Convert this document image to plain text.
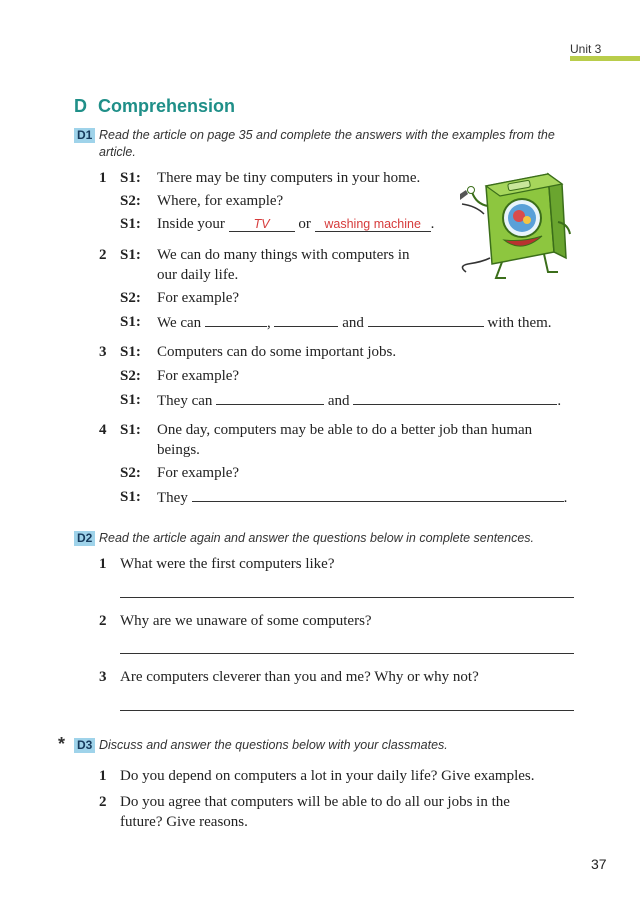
Unit 3
D Comprehension
D1 Read the article on page 35 and complete the answers with the examples from the
article.
1 S1: There may be tiny computers in your home.
S2: Where, for example?
S1: Inside your TV or washing machine .
2 S1: We can do many things with computers in
our daily life.
S2: For example?
S1: We can	,	and	with them.
3 S1: Computers can do some important jobs.
S2: For example?
S1: They can	and	.
4 S1: One day, computers may be able to do a better job than human
beings.
S2: For example?
S1: They	.
D2 Read the article again and answer the questions below in complete sentences.
1 What were the first computers like?
2 Why are we unaware of some computers?
3 Are computers cleverer than you and me? Why or why not?
* D3 Discuss and answer the questions below with your classmates.
1 Do you depend on computers a lot in your daily life? Give examples.
2 Do you agree that computers will be able to do all our jobs in the
future? Give reasons.
37
